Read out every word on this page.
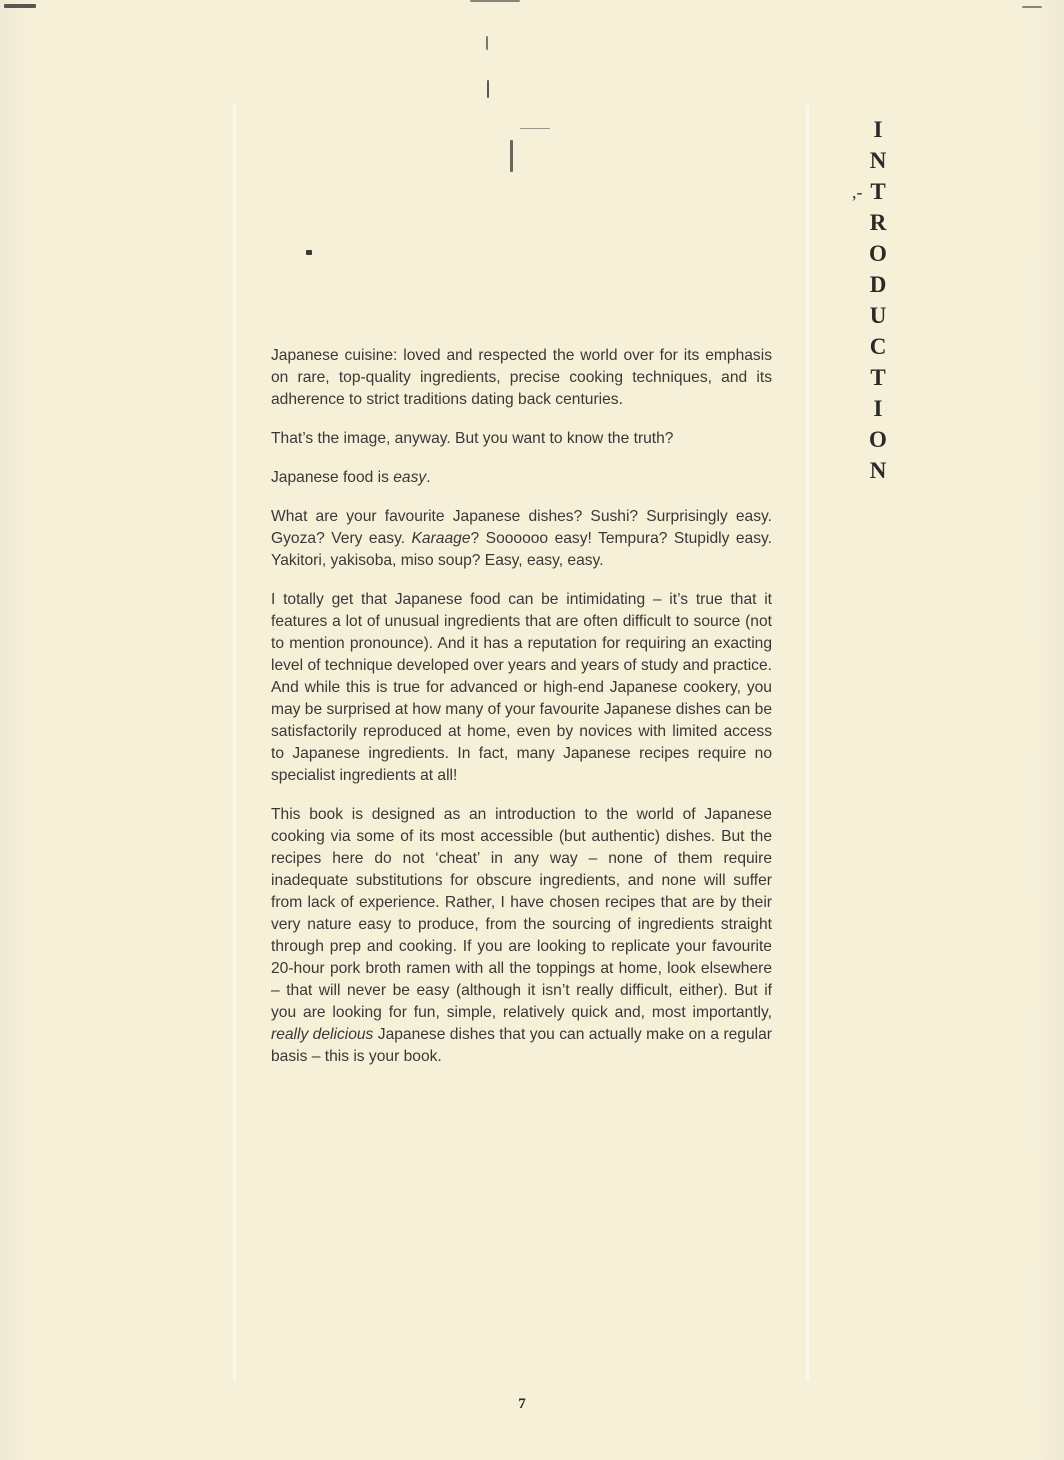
I
N
T
R
O
D
U
C
T
I
O
N
,-

Japanese cuisine: loved and respected the world over for its emphasis on rare, top-quality ingredients, precise cooking techniques, and its adherence to strict traditions dating back centuries.

That’s the image, anyway. But you want to know the truth?

Japanese food is easy.

What are your favourite Japanese dishes? Sushi? Surprisingly easy. Gyoza? Very easy. Karaage? Soooooo easy! Tempura? Stupidly easy. Yakitori, yakisoba, miso soup? Easy, easy, easy.

I totally get that Japanese food can be intimidating – it’s true that it features a lot of unusual ingredients that are often difficult to source (not to mention pronounce). And it has a reputation for requiring an exacting level of technique developed over years and years of study and practice. And while this is true for advanced or high-end Japanese cookery, you may be surprised at how many of your favourite Japanese dishes can be satisfactorily reproduced at home, even by novices with limited access to Japanese ingredients. In fact, many Japanese recipes require no specialist ingredients at all!

This book is designed as an introduction to the world of Japanese cooking via some of its most accessible (but authentic) dishes. But the recipes here do not ‘cheat’ in any way – none of them require inadequate substitutions for obscure ingredients, and none will suffer from lack of experience. Rather, I have chosen recipes that are by their very nature easy to produce, from the sourcing of ingredients straight through prep and cooking. If you are looking to replicate your favourite 20-hour pork broth ramen with all the toppings at home, look elsewhere – that will never be easy (although it isn’t really difficult, either). But if you are looking for fun, simple, relatively quick and, most importantly, really delicious Japanese dishes that you can actually make on a regular basis – this is your book.

7
